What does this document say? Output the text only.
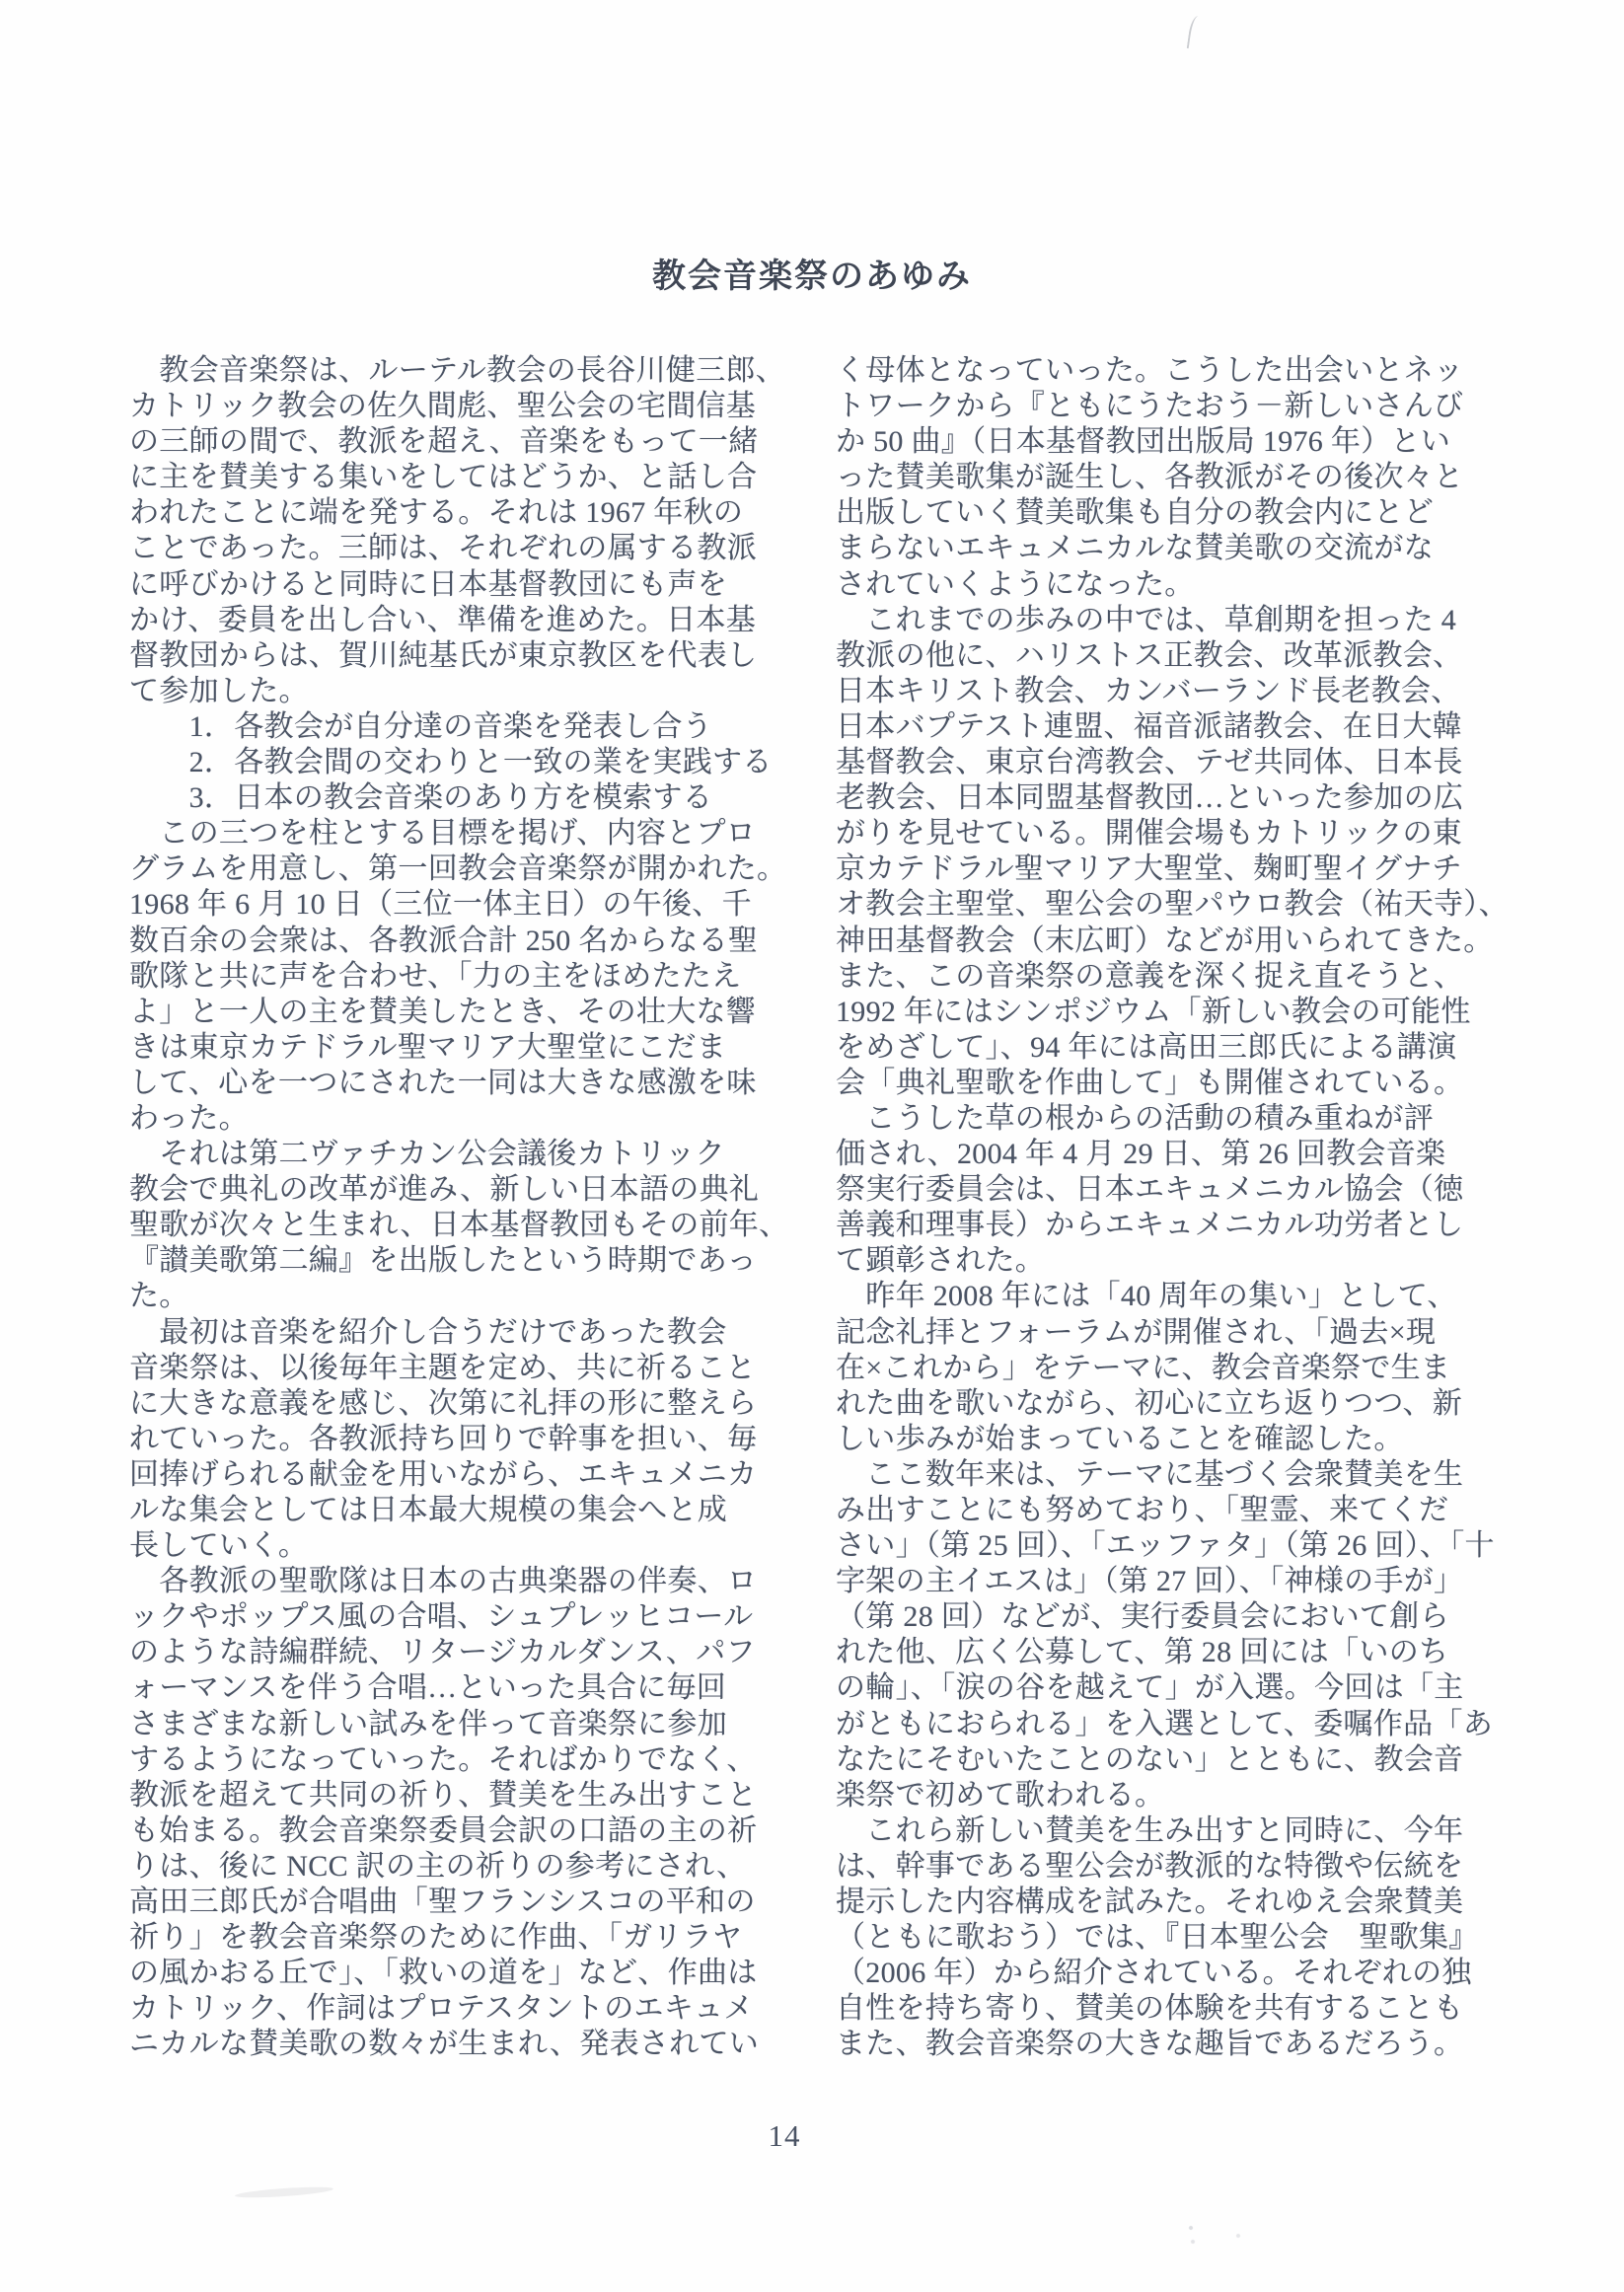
教会音楽祭のあゆみ

　教会音楽祭は、ルーテル教会の長谷川健三郎、

カトリック教会の佐久間彪、聖公会の宅間信基

の三師の間で、教派を超え、音楽をもって一緒

に主を賛美する集いをしてはどうか、と話し合

われたことに端を発する。それは 1967 年秋の

ことであった。三師は、それぞれの属する教派

に呼びかけると同時に日本基督教団にも声を

かけ、委員を出し合い、準備を進めた。日本基

督教団からは、賀川純基氏が東京教区を代表し

て参加した。

　　1．各教会が自分達の音楽を発表し合う

　　2．各教会間の交わりと一致の業を実践する

　　3．日本の教会音楽のあり方を模索する

　この三つを柱とする目標を掲げ、内容とプロ

グラムを用意し、第一回教会音楽祭が開かれた。

1968 年 6 月 10 日（三位一体主日）の午後、千

数百余の会衆は、各教派合計 250 名からなる聖

歌隊と共に声を合わせ、「力の主をほめたたえ

よ」と一人の主を賛美したとき、その壮大な響

きは東京カテドラル聖マリア大聖堂にこだま

して、心を一つにされた一同は大きな感激を味

わった。

　それは第二ヴァチカン公会議後カトリック

教会で典礼の改革が進み、新しい日本語の典礼

聖歌が次々と生まれ、日本基督教団もその前年、

『讃美歌第二編』を出版したという時期であっ

た。

　最初は音楽を紹介し合うだけであった教会

音楽祭は、以後毎年主題を定め、共に祈ること

に大きな意義を感じ、次第に礼拝の形に整えら

れていった。各教派持ち回りで幹事を担い、毎

回捧げられる献金を用いながら、エキュメニカ

ルな集会としては日本最大規模の集会へと成

長していく。

　各教派の聖歌隊は日本の古典楽器の伴奏、ロ

ックやポップス風の合唱、シュプレッヒコール

のような詩編群続、リタージカルダンス、パフ

ォーマンスを伴う合唱…といった具合に毎回

さまざまな新しい試みを伴って音楽祭に参加

するようになっていった。そればかりでなく、

教派を超えて共同の祈り、賛美を生み出すこと

も始まる。教会音楽祭委員会訳の口語の主の祈

りは、後に NCC 訳の主の祈りの参考にされ、

高田三郎氏が合唱曲「聖フランシスコの平和の

祈り」を教会音楽祭のために作曲、「ガリラヤ

の風かおる丘で」、「救いの道を」など、作曲は

カトリック、作詞はプロテスタントのエキュメ

ニカルな賛美歌の数々が生まれ、発表されてい

く母体となっていった。こうした出会いとネッ

トワークから『ともにうたおう－新しいさんび

か 50 曲』（日本基督教団出版局 1976 年）とい

った賛美歌集が誕生し、各教派がその後次々と

出版していく賛美歌集も自分の教会内にとど

まらないエキュメニカルな賛美歌の交流がな

されていくようになった。

　これまでの歩みの中では、草創期を担った 4

教派の他に、ハリストス正教会、改革派教会、

日本キリスト教会、カンバーランド長老教会、

日本バプテスト連盟、福音派諸教会、在日大韓

基督教会、東京台湾教会、テゼ共同体、日本長

老教会、日本同盟基督教団…といった参加の広

がりを見せている。開催会場もカトリックの東

京カテドラル聖マリア大聖堂、麹町聖イグナチ

オ教会主聖堂、聖公会の聖パウロ教会（祐天寺）、

神田基督教会（末広町）などが用いられてきた。

また、この音楽祭の意義を深く捉え直そうと、

1992 年にはシンポジウム「新しい教会の可能性

をめざして」、94 年には高田三郎氏による講演

会「典礼聖歌を作曲して」も開催されている。

　こうした草の根からの活動の積み重ねが評

価され、2004 年 4 月 29 日、第 26 回教会音楽

祭実行委員会は、日本エキュメニカル協会（徳

善義和理事長）からエキュメニカル功労者とし

て顕彰された。

　昨年 2008 年には「40 周年の集い」として、

記念礼拝とフォーラムが開催され、「過去×現

在×これから」をテーマに、教会音楽祭で生ま

れた曲を歌いながら、初心に立ち返りつつ、新

しい歩みが始まっていることを確認した。

　ここ数年来は、テーマに基づく会衆賛美を生

み出すことにも努めており、「聖霊、来てくだ

さい」（第 25 回）、「エッファタ」（第 26 回）、「十

字架の主イエスは」（第 27 回）、「神様の手が」

（第 28 回）などが、実行委員会において創ら

れた他、広く公募して、第 28 回には「いのち

の輪」、「涙の谷を越えて」が入選。今回は「主

がともにおられる」を入選として、委嘱作品「あ

なたにそむいたことのない」とともに、教会音

楽祭で初めて歌われる。

　これら新しい賛美を生み出すと同時に、今年

は、幹事である聖公会が教派的な特徴や伝統を

提示した内容構成を試みた。それゆえ会衆賛美

（ともに歌おう）では、『日本聖公会　聖歌集』

（2006 年）から紹介されている。それぞれの独

自性を持ち寄り、賛美の体験を共有することも

また、教会音楽祭の大きな趣旨であるだろう。

14
